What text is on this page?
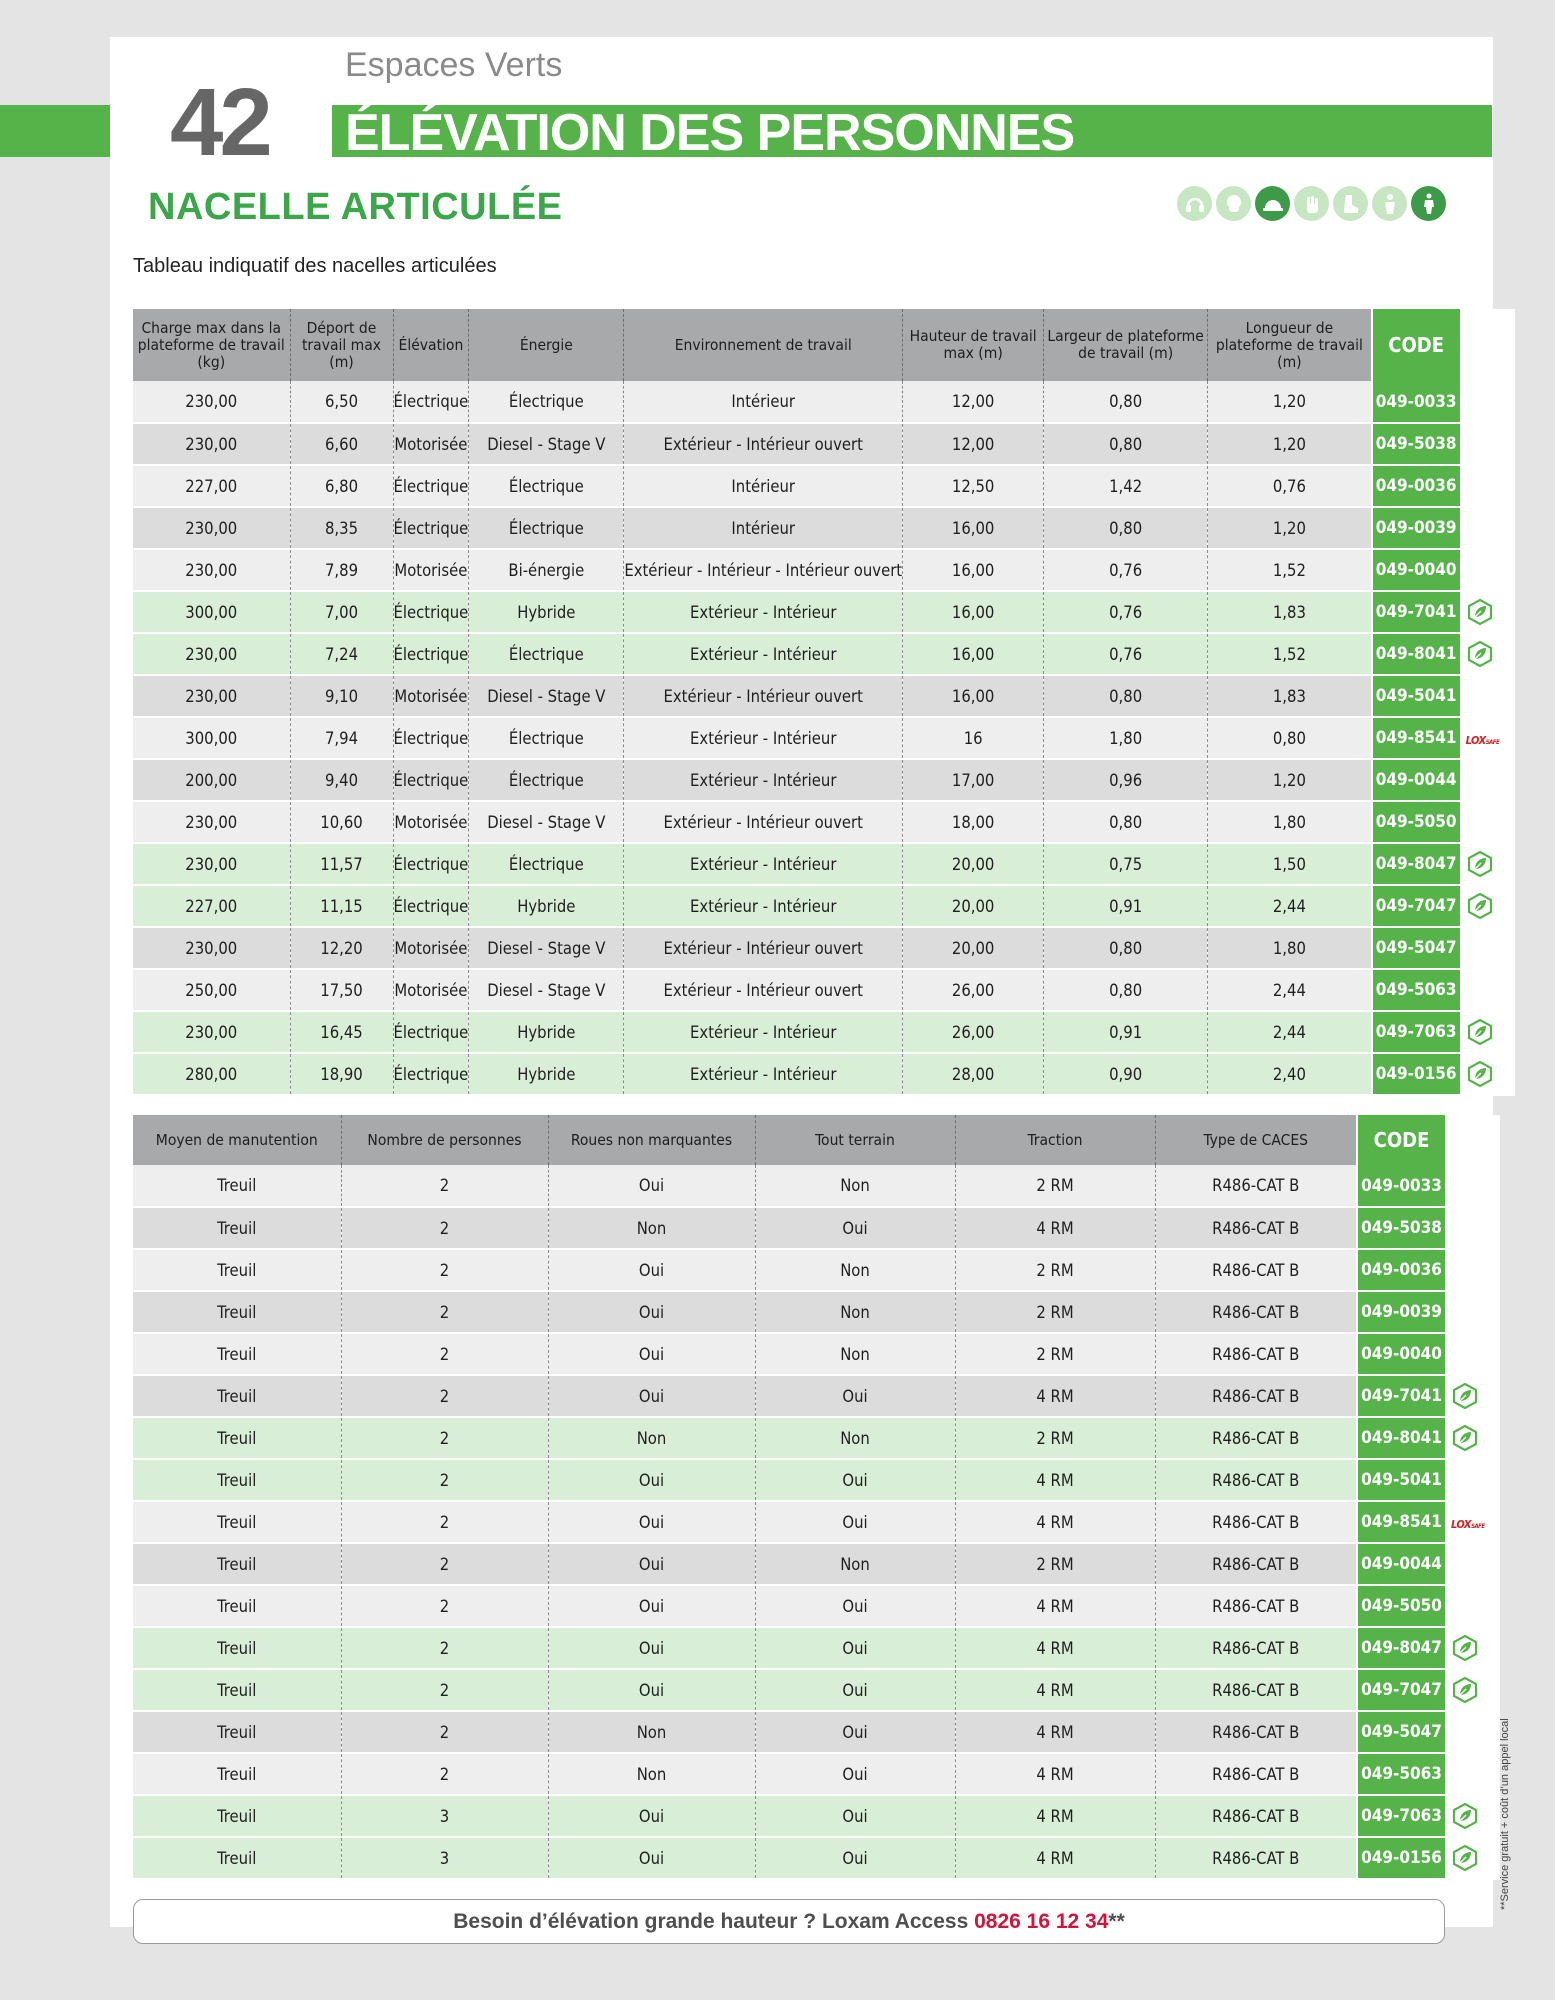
42
Espaces Verts
ÉLÉVATION DES PERSONNES
NACELLE ARTICULÉE
Tableau indiquatif des nacelles articulées
Charge max dans la plateforme de travail (kg)	Déport de travail max (m)	Élévation	Énergie	Environnement de travail	Hauteur de travail max (m)	Largeur de plateforme de travail (m)	Longueur de plateforme de travail (m)	CODE	
230,00	6,50	Électrique	Électrique	Intérieur	12,00	0,80	1,20	049-0033	
230,00	6,60	Motorisée	Diesel - Stage V	Extérieur - Intérieur ouvert	12,00	0,80	1,20	049-5038	
227,00	6,80	Électrique	Électrique	Intérieur	12,50	1,42	0,76	049-0036	
230,00	8,35	Électrique	Électrique	Intérieur	16,00	0,80	1,20	049-0039	
230,00	7,89	Motorisée	Bi-énergie	Extérieur - Intérieur - Intérieur ouvert	16,00	0,76	1,52	049-0040	
300,00	7,00	Électrique	Hybride	Extérieur - Intérieur	16,00	0,76	1,83	049-7041	
230,00	7,24	Électrique	Électrique	Extérieur - Intérieur	16,00	0,76	1,52	049-8041	
230,00	9,10	Motorisée	Diesel - Stage V	Extérieur - Intérieur ouvert	16,00	0,80	1,83	049-5041	
300,00	7,94	Électrique	Électrique	Extérieur - Intérieur	16	1,80	0,80	049-8541	LOXSAFE
200,00	9,40	Électrique	Électrique	Extérieur - Intérieur	17,00	0,96	1,20	049-0044	
230,00	10,60	Motorisée	Diesel - Stage V	Extérieur - Intérieur ouvert	18,00	0,80	1,80	049-5050	
230,00	11,57	Électrique	Électrique	Extérieur - Intérieur	20,00	0,75	1,50	049-8047	
227,00	11,15	Électrique	Hybride	Extérieur - Intérieur	20,00	0,91	2,44	049-7047	
230,00	12,20	Motorisée	Diesel - Stage V	Extérieur - Intérieur ouvert	20,00	0,80	1,80	049-5047	
250,00	17,50	Motorisée	Diesel - Stage V	Extérieur - Intérieur ouvert	26,00	0,80	2,44	049-5063	
230,00	16,45	Électrique	Hybride	Extérieur - Intérieur	26,00	0,91	2,44	049-7063	
280,00	18,90	Électrique	Hybride	Extérieur - Intérieur	28,00	0,90	2,40	049-0156	
Moyen de manutention	Nombre de personnes	Roues non marquantes	Tout terrain	Traction	Type de CACES	CODE	
Treuil	2	Oui	Non	2 RM	R486-CAT B	049-0033	
Treuil	2	Non	Oui	4 RM	R486-CAT B	049-5038	
Treuil	2	Oui	Non	2 RM	R486-CAT B	049-0036	
Treuil	2	Oui	Non	2 RM	R486-CAT B	049-0039	
Treuil	2	Oui	Non	2 RM	R486-CAT B	049-0040	
Treuil	2	Oui	Oui	4 RM	R486-CAT B	049-7041	
Treuil	2	Non	Non	2 RM	R486-CAT B	049-8041	
Treuil	2	Oui	Oui	4 RM	R486-CAT B	049-5041	
Treuil	2	Oui	Oui	4 RM	R486-CAT B	049-8541	LOXSAFE
Treuil	2	Oui	Non	2 RM	R486-CAT B	049-0044	
Treuil	2	Oui	Oui	4 RM	R486-CAT B	049-5050	
Treuil	2	Oui	Oui	4 RM	R486-CAT B	049-8047	
Treuil	2	Oui	Oui	4 RM	R486-CAT B	049-7047	
Treuil	2	Non	Oui	4 RM	R486-CAT B	049-5047	
Treuil	2	Non	Oui	4 RM	R486-CAT B	049-5063	
Treuil	3	Oui	Oui	4 RM	R486-CAT B	049-7063	
Treuil	3	Oui	Oui	4 RM	R486-CAT B	049-0156	
Besoin d’élévation grande hauteur ? Loxam Access 0826 16 12 34**
**Service gratuit + coût d’un appel local
